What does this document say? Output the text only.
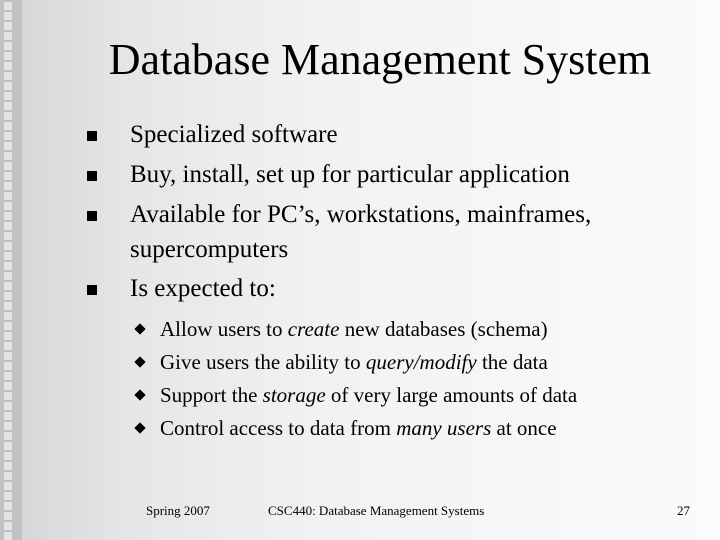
Database Management System
Specialized software
Buy, install, set up for particular application
Available for PC’s, workstations, mainframes,
supercomputers
Is expected to:
Allow users to create new databases (schema)
Give users the ability to query/modify the data
Support the storage of very large amounts of data
Control access to data from many users at once
Spring 2007	CSC440: Database Management Systems	27
